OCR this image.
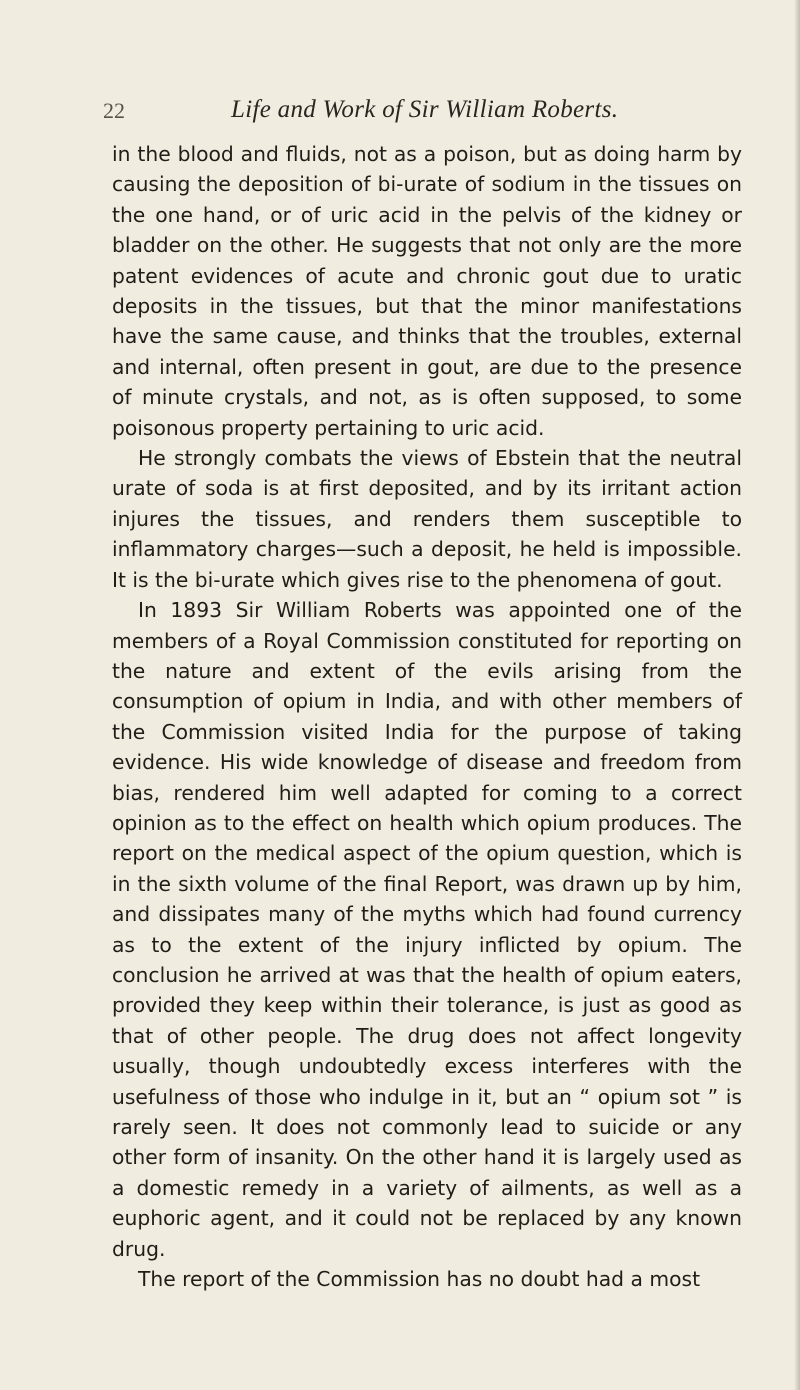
22	Life and Work of Sir William Roberts.

in the blood and fluids, not as a poison, but as doing harm by causing the deposition of bi-urate of sodium in the tissues on the one hand, or of uric acid in the pelvis of the kidney or bladder on the other. He suggests that not only are the more patent evidences of acute and chronic gout due to uratic deposits in the tissues, but that the minor manifestations have the same cause, and thinks that the troubles, external and internal, often present in gout, are due to the presence of minute crystals, and not, as is often supposed, to some poisonous property pertaining to uric acid.

He strongly combats the views of Ebstein that the neutral urate of soda is at first deposited, and by its irritant action injures the tissues, and renders them susceptible to inflammatory charges—such a deposit, he held is impossible. It is the bi-urate which gives rise to the phenomena of gout.

In 1893 Sir William Roberts was appointed one of the members of a Royal Commission constituted for reporting on the nature and extent of the evils arising from the consumption of opium in India, and with other members of the Commission visited India for the purpose of taking evidence. His wide knowledge of disease and freedom from bias, rendered him well adapted for coming to a correct opinion as to the effect on health which opium produces. The report on the medical aspect of the opium question, which is in the sixth volume of the final Report, was drawn up by him, and dissipates many of the myths which had found currency as to the extent of the injury inflicted by opium. The conclusion he arrived at was that the health of opium eaters, provided they keep within their tolerance, is just as good as that of other people. The drug does not affect longevity usually, though undoubtedly excess interferes with the usefulness of those who indulge in it, but an “ opium sot ” is rarely seen. It does not commonly lead to suicide or any other form of insanity. On the other hand it is largely used as a domestic remedy in a variety of ailments, as well as a euphoric agent, and it could not be replaced by any known drug.

The report of the Commission has no doubt had a most
